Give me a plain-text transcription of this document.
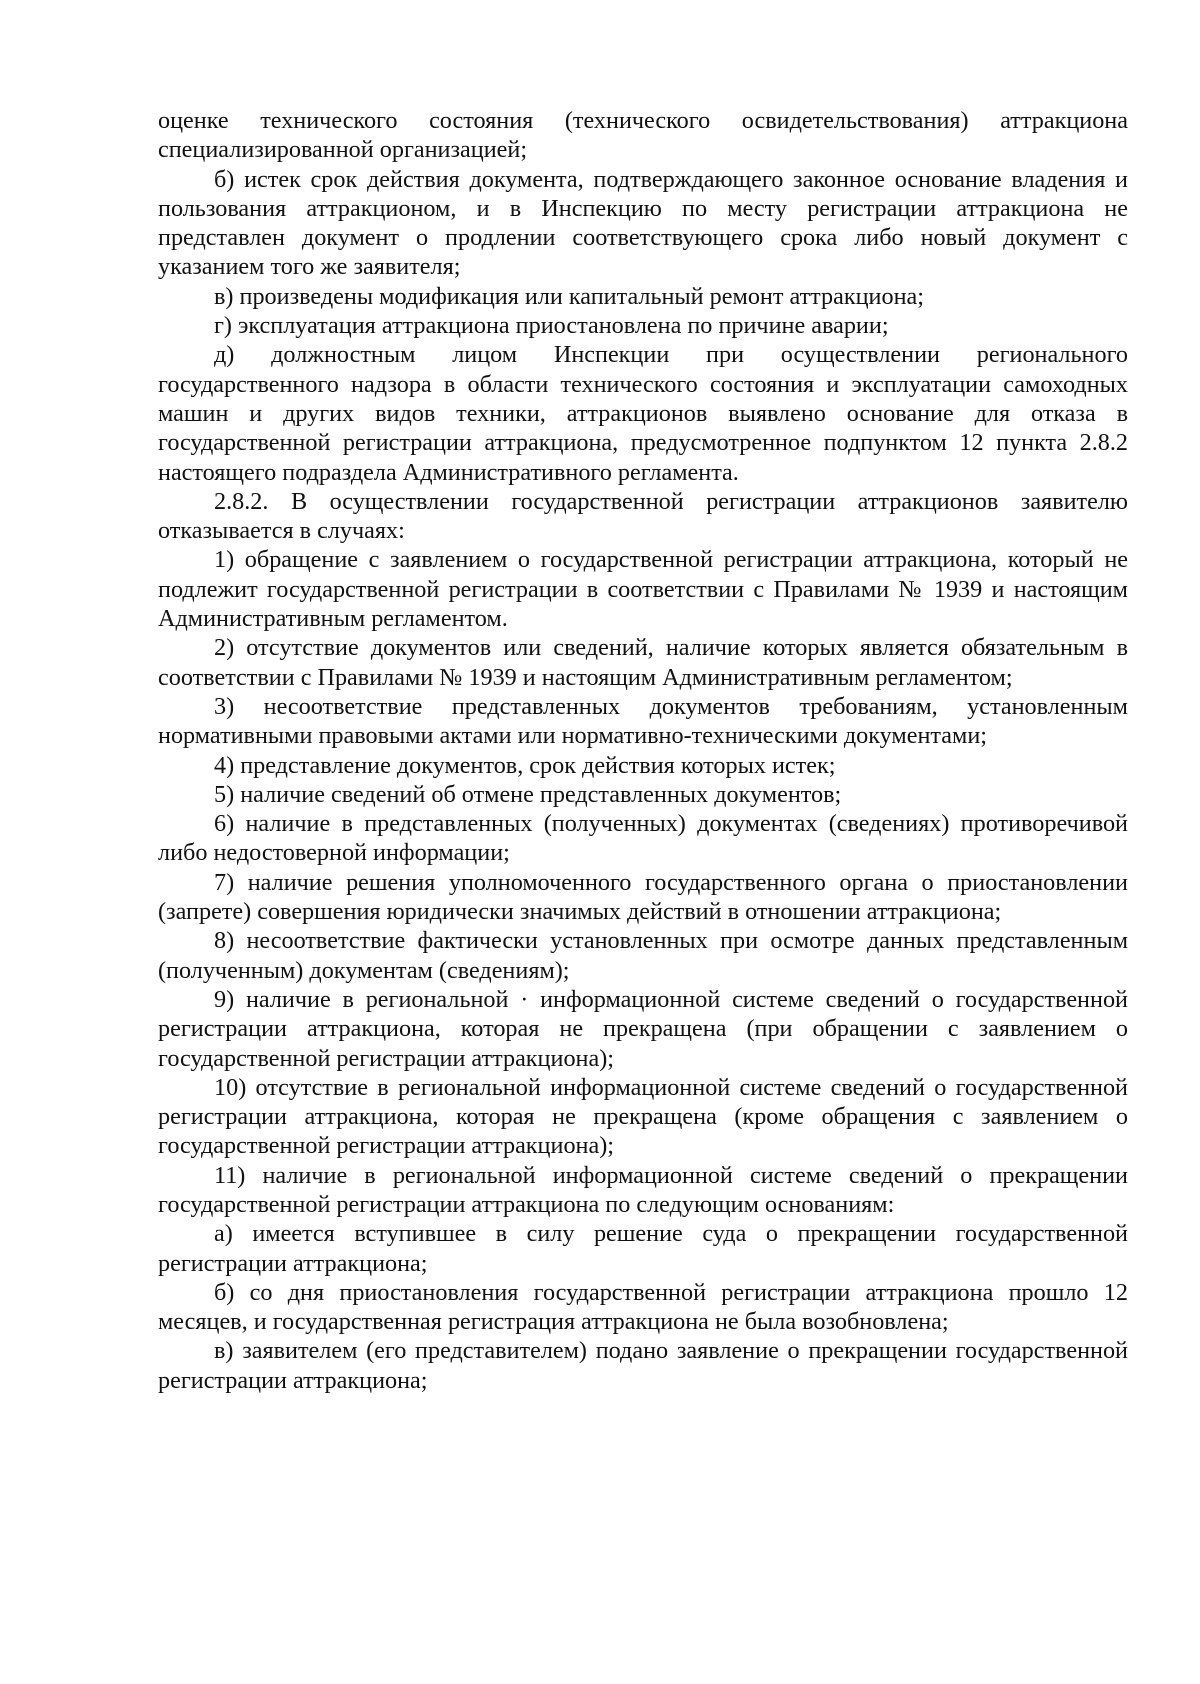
оценке технического состояния (технического освидетельствования) аттракциона специализированной организацией;

б) истек срок действия документа, подтверждающего законное основание владения и пользования аттракционом, и в Инспекцию по месту регистрации аттракциона не представлен документ о продлении соответствующего срока либо новый документ с указанием того же заявителя;

в) произведены модификация или капитальный ремонт аттракциона;

г) эксплуатация аттракциона приостановлена по причине аварии;

д) должностным лицом Инспекции при осуществлении регионального государственного надзора в области технического состояния и эксплуатации самоходных машин и других видов техники, аттракционов выявлено основание для отказа в государственной регистрации аттракциона, предусмотренное подпунктом 12 пункта 2.8.2 настоящего подраздела Административного регламента.

2.8.2. В осуществлении государственной регистрации аттракционов заявителю отказывается в случаях:

1) обращение с заявлением о государственной регистрации аттракциона, который не подлежит государственной регистрации в соответствии с Правилами № 1939 и настоящим Административным регламентом.

2) отсутствие документов или сведений, наличие которых является обязательным в соответствии с Правилами № 1939 и настоящим Административным регламентом;

3) несоответствие представленных документов требованиям, установленным нормативными правовыми актами или нормативно-техническими документами;

4) представление документов, срок действия которых истек;

5) наличие сведений об отмене представленных документов;

6) наличие в представленных (полученных) документах (сведениях) противоречивой либо недостоверной информации;

7) наличие решения уполномоченного государственного органа о приостановлении (запрете) совершения юридически значимых действий в отношении аттракциона;

8) несоответствие фактически установленных при осмотре данных представленным (полученным) документам (сведениям);

9) наличие в региональной · информационной системе сведений о государственной регистрации аттракциона, которая не прекращена (при обращении с заявлением о государственной регистрации аттракциона);

10) отсутствие в региональной информационной системе сведений о государственной регистрации аттракциона, которая не прекращена (кроме обращения с заявлением о государственной регистрации аттракциона);

11) наличие в региональной информационной системе сведений о прекращении государственной регистрации аттракциона по следующим основаниям:

а) имеется вступившее в силу решение суда о прекращении государственной регистрации аттракциона;

б) со дня приостановления государственной регистрации аттракциона прошло 12 месяцев, и государственная регистрация аттракциона не была возобновлена;

в) заявителем (его представителем) подано заявление о прекращении государственной регистрации аттракциона;
